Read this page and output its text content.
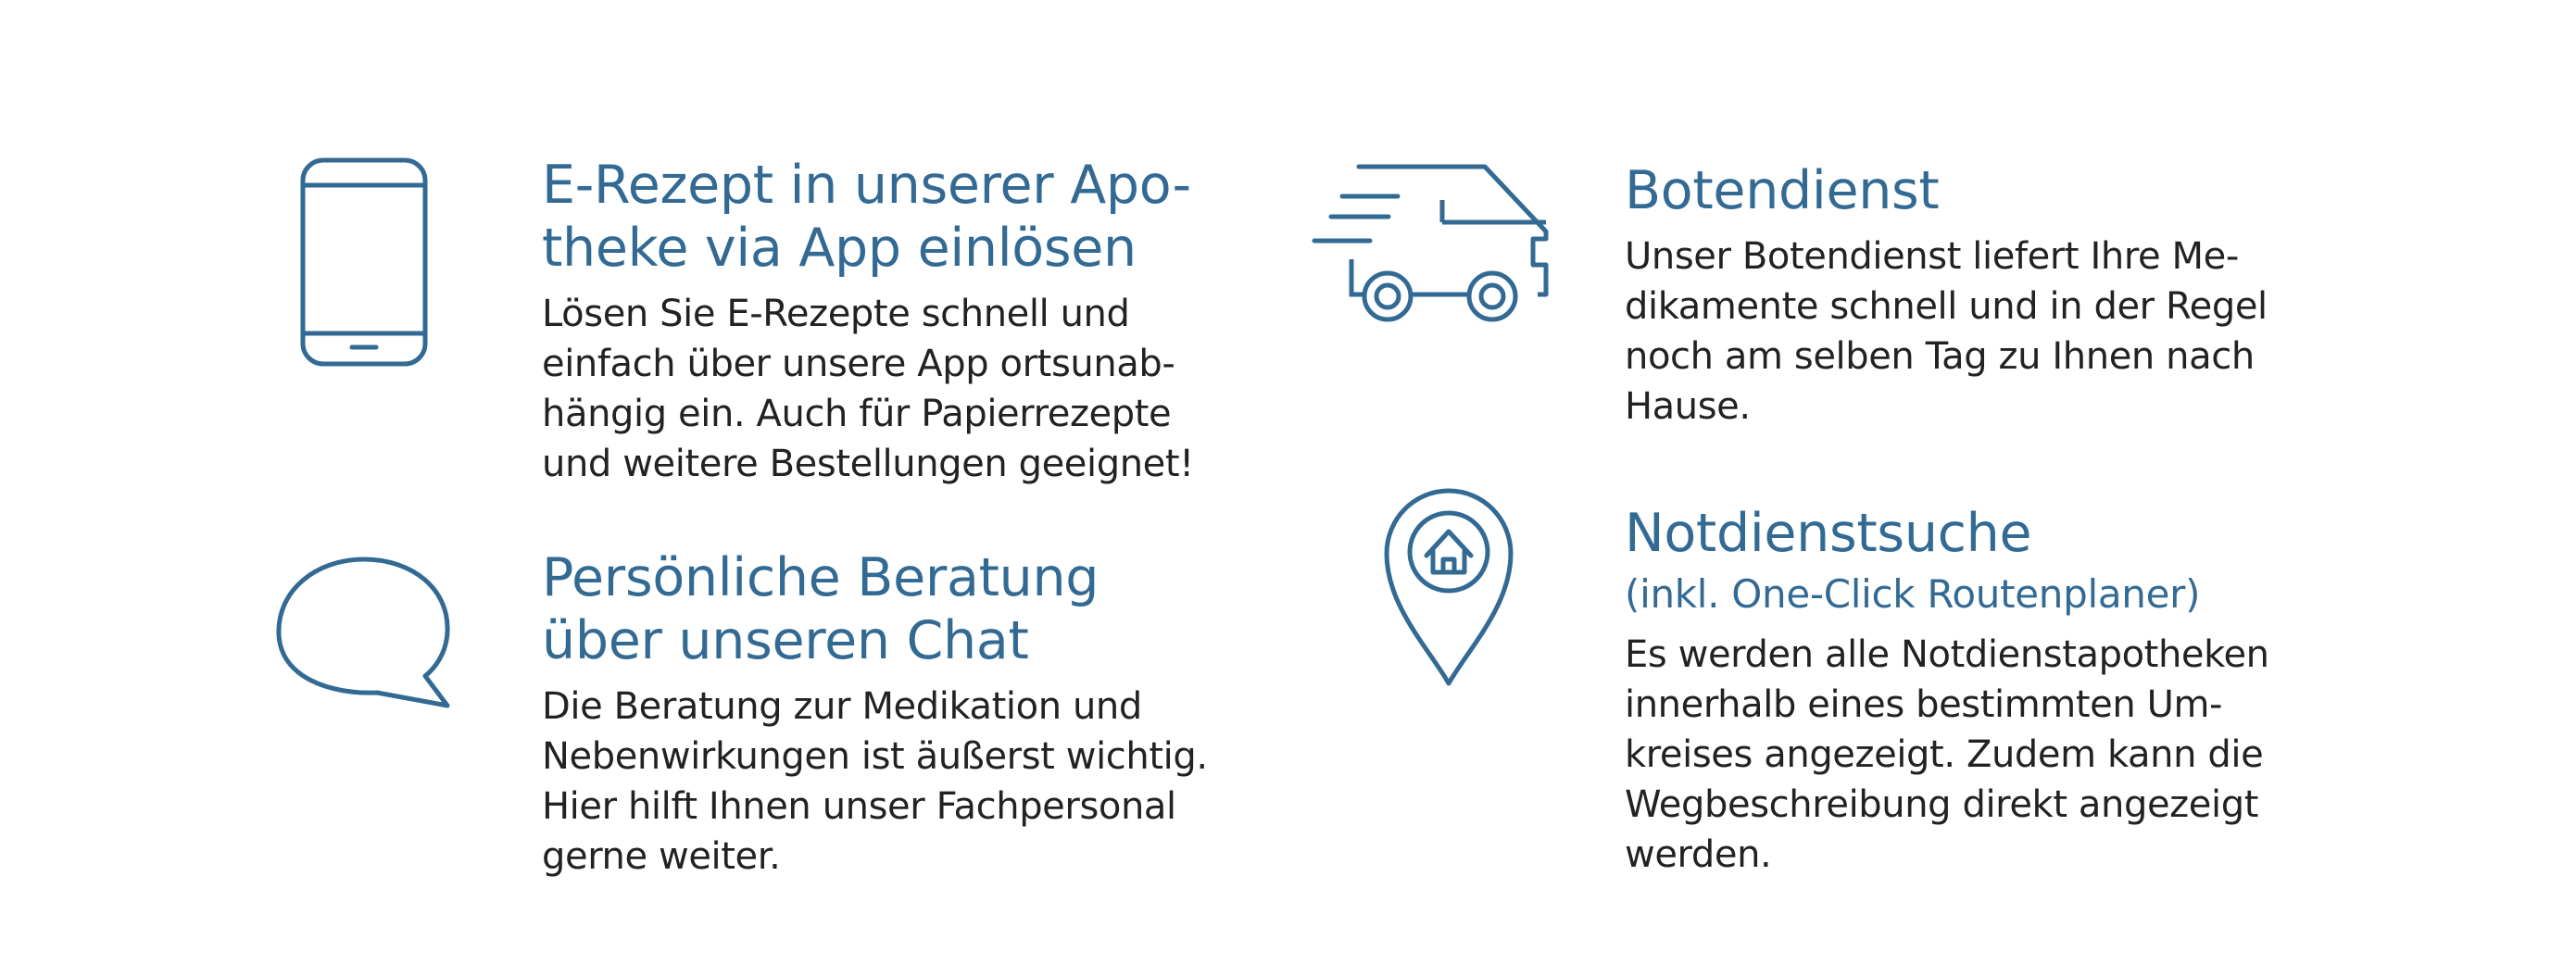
E-Rezept in unserer Apo-
theke via App einlösen

Lösen Sie E-Rezepte schnell und
einfach über unsere App ortsunab-
hängig ein. Auch für Papierrezepte
und weitere Bestellungen geeignet!

Persönliche Beratung
über unseren Chat

Die Beratung zur Medikation und
Nebenwirkungen ist äußerst wichtig.
Hier hilft Ihnen unser Fachpersonal
gerne weiter.

Botendienst

Unser Botendienst liefert Ihre Me-
dikamente schnell und in der Regel
noch am selben Tag zu Ihnen nach
Hause.

Notdienstsuche

(inkl. One-Click Routenplaner)

Es werden alle Notdienstapotheken
innerhalb eines bestimmten Um-
kreises angezeigt. Zudem kann die
Wegbeschreibung direkt angezeigt
werden.
